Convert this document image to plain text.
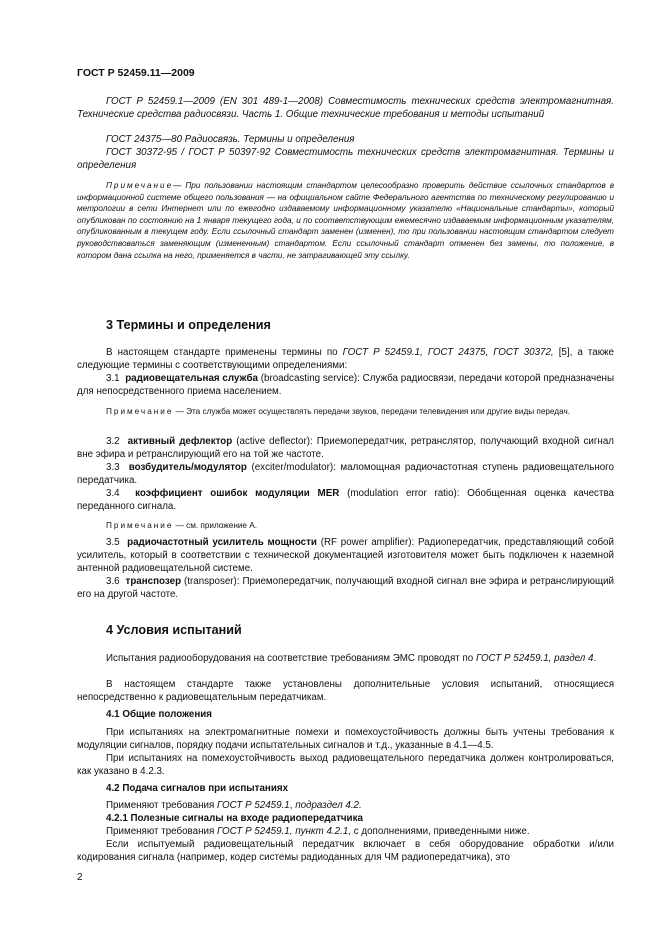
ГОСТ Р 52459.11—2009
ГОСТ Р 52459.1—2009 (EN 301 489-1—2008) Совместимость технических средств электромагнитная. Технические средства радиосвязи. Часть 1. Общие технические требования и методы испытаний
ГОСТ 24375—80 Радиосвязь. Термины и определения
ГОСТ 30372-95 / ГОСТ Р 50397-92 Совместимость технических средств электромагнитная. Термины и определения
Примечание— При пользовании настоящим стандартом целесообразно проверить действие ссылочных стандартов в информационной системе общего пользования — на официальном сайте Федерального агентства по техническому регулированию и метрологии в сети Интернет или по ежегодно издаваемому информационному указателю «Национальные стандарты», который опубликован по состоянию на 1 января текущего года, и по соответствующим ежемесячно издаваемым информационным указателям, опубликованным в текущем году. Если ссылочный стандарт заменен (изменен), то при пользовании настоящим стандартом следует руководствоваться заменяющим (измененным) стандартом. Если ссылочный стандарт отменен без замены, то положение, в котором дана ссылка на него, применяется в части, не затрагивающей эту ссылку.
3 Термины и определения
В настоящем стандарте применены термины по ГОСТ Р 52459.1, ГОСТ 24375, ГОСТ 30372, [5], а также следующие термины с соответствующими определениями:
3.1 радиовещательная служба (broadcasting service): Служба радиосвязи, передачи которой предназначены для непосредственного приема населением.
Примечание — Эта служба может осуществлять передачи звуков, передачи телевидения или другие виды передач.
3.2 активный дефлектор (active deflector): Приемопередатчик, ретранслятор, получающий входной сигнал вне эфира и ретранслирующий его на той же частоте.
3.3 возбудитель/модулятор (exciter/modulator): маломощная радиочастотная ступень радиовещательного передатчика.
3.4 коэффициент ошибок модуляции MER (modulation error ratio): Обобщенная оценка качества переданного сигнала.
Примечание — см. приложение А.
3.5 радиочастотный усилитель мощности (RF power amplifier): Радиопередатчик, представляющий собой усилитель, который в соответствии с технической документацией изготовителя может быть подключен к наземной антенной радиовещательной системе.
3.6 транспозер (transposer): Приемопередатчик, получающий входной сигнал вне эфира и ретранслирующий его на другой частоте.
4 Условия испытаний
Испытания радиооборудования на соответствие требованиям ЭМС проводят по ГОСТ Р 52459.1, раздел 4.
В настоящем стандарте также установлены дополнительные условия испытаний, относящиеся непосредственно к радиовещательным передатчикам.
4.1 Общие положения
При испытаниях на электромагнитные помехи и помехоустойчивость должны быть учтены требования к модуляции сигналов, порядку подачи испытательных сигналов и т.д., указанные в 4.1—4.5.
При испытаниях на помехоустойчивость выход радиовещательного передатчика должен контролироваться, как указано в 4.2.3.
4.2 Подача сигналов при испытаниях
Применяют требования ГОСТ Р 52459.1, подраздел 4.2.
4.2.1 Полезные сигналы на входе радиопередатчика
Применяют требования ГОСТ Р 52459.1, пункт 4.2.1, с дополнениями, приведенными ниже.
Если испытуемый радиовещательный передатчик включает в себя оборудование обработки и/или кодирования сигнала (например, кодер системы радиоданных для ЧМ радиопередатчика), это
2
